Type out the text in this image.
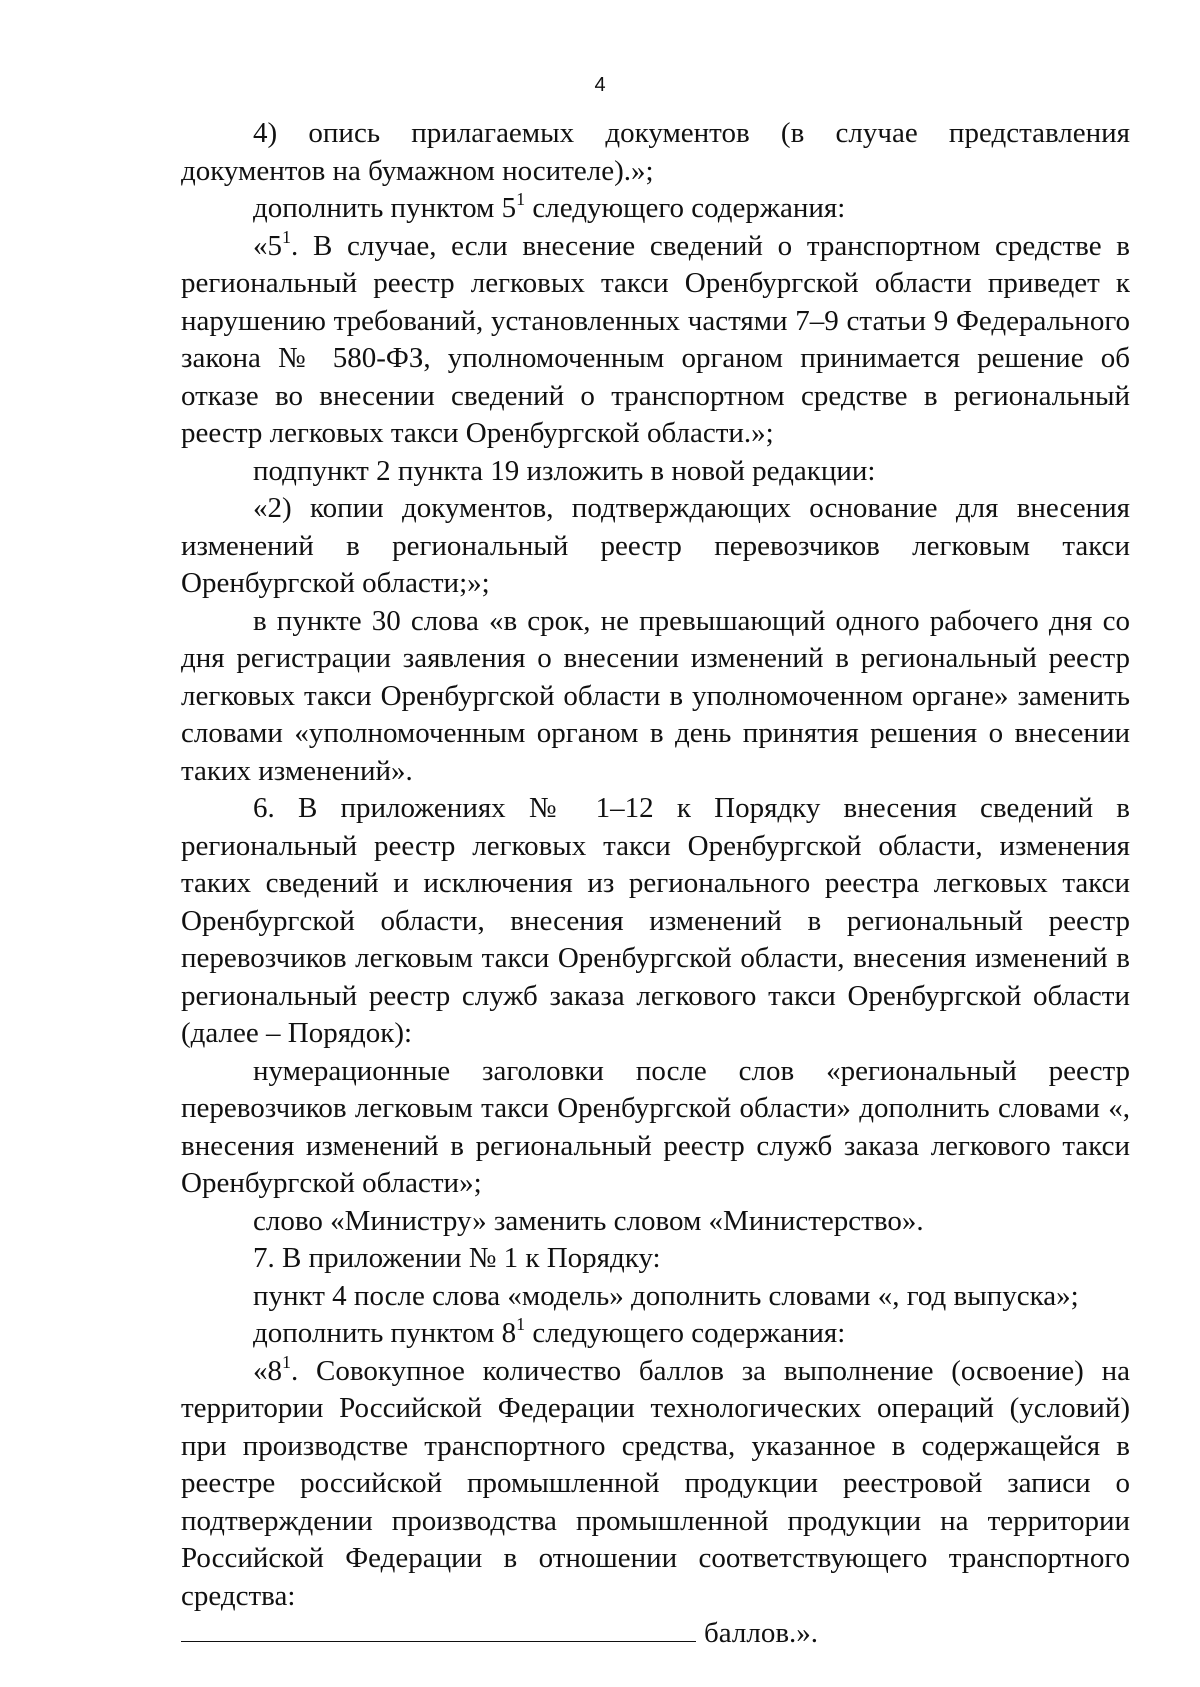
4

4) опись прилагаемых документов (в случае представления документов на бумажном носителе).»;

дополнить пунктом $5^1$ следующего содержания:

«$5^1$. В случае, если внесение сведений о транспортном средстве в региональный реестр легковых такси Оренбургской области приведет к нарушению требований, установленных частями 7–9 статьи 9 Федерального закона № 580-ФЗ, уполномоченным органом принимается решение об отказе во внесении сведений о транспортном средстве в региональный реестр легковых такси Оренбургской области.»;

подпункт 2 пункта 19 изложить в новой редакции:

«2) копии документов, подтверждающих основание для внесения изменений в региональный реестр перевозчиков легковым такси Оренбургской области;»;

в пункте 30 слова «в срок, не превышающий одного рабочего дня со дня регистрации заявления о внесении изменений в региональный реестр легковых такси Оренбургской области в уполномоченном органе» заменить словами «уполномоченным органом в день принятия решения о внесении таких изменений».

6. В приложениях № 1–12 к Порядку внесения сведений в региональный реестр легковых такси Оренбургской области, изменения таких сведений и исключения из регионального реестра легковых такси Оренбургской области, внесения изменений в региональный реестр перевозчиков легковым такси Оренбургской области, внесения изменений в региональный реестр служб заказа легкового такси Оренбургской области (далее – Порядок):

нумерационные заголовки после слов «региональный реестр перевозчиков легковым такси Оренбургской области» дополнить словами «, внесения изменений в региональный реестр служб заказа легкового такси Оренбургской области»;

слово «Министру» заменить словом «Министерство».

7. В приложении № 1 к Порядку:

пункт 4 после слова «модель» дополнить словами «, год выпуска»;

дополнить пунктом $8^1$ следующего содержания:

«$8^1$. Совокупное количество баллов за выполнение (освоение) на территории Российской Федерации технологических операций (условий) при производстве транспортного средства, указанное в содержащейся в реестре российской промышленной продукции реестровой записи о подтверждении производства промышленной продукции на территории Российской Федерации в отношении соответствующего транспортного средства:

баллов.».
